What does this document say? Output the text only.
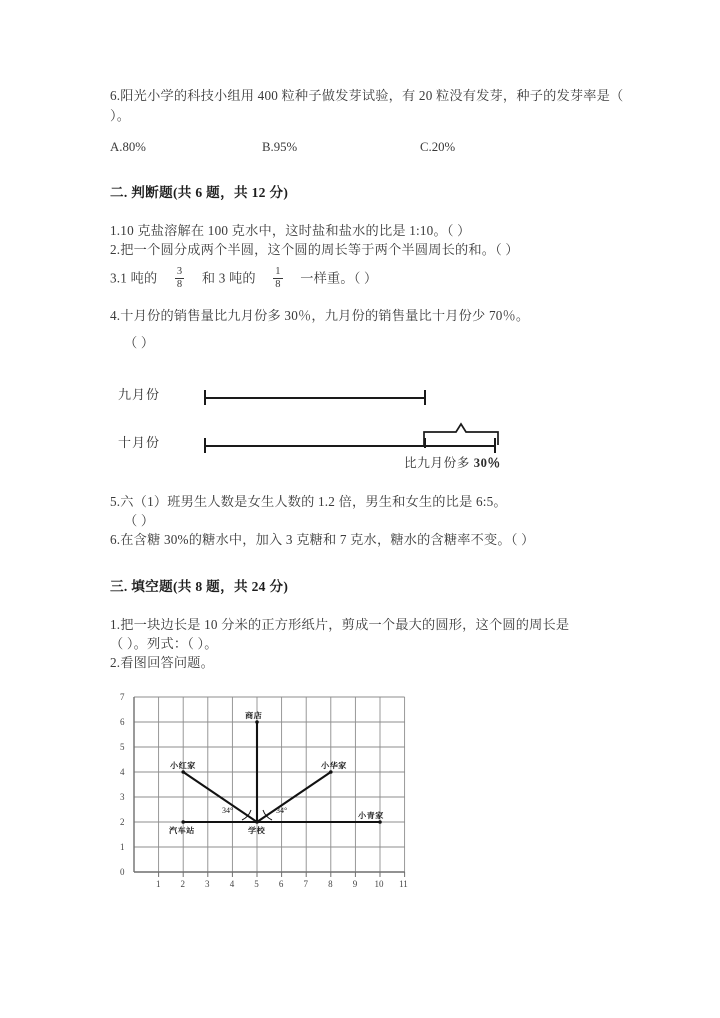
6.阳光小学的科技小组用 400 粒种子做发芽试验，有 20 粒没有发芽，种子的发芽率是（ ）。
A.80%	B.95%	C.20%
二. 判断题(共 6 题，共 12 分)
1.10 克盐溶解在 100 克水中，这时盐和盐水的比是 1:10。（ ）
2.把一个圆分成两个半圆，这个圆的周长等于两个半圆周长的和。（ ）
3.1 吨的 $\frac{3}{8}$ 和 3 吨的 $\frac{1}{8}$ 一样重。（ ）
4.十月份的销售量比九月份多 30％，九月份的销售量比十月份少 70％。
（ ）
九月份
十月份
比九月份多 30％
5.六（1）班男生人数是女生人数的 1.2 倍，男生和女生的比是 6:5。
（ ）
6.在含糖 30%的糖水中，加入 3 克糖和 7 克水，糖水的含糖率不变。（ ）
三. 填空题(共 8 题，共 24 分)
1.把一块边长是 10 分米的正方形纸片，剪成一个最大的圆形，这个圆的周长是
（ ）。列式：（ ）。
2.看图回答问题。
7
6
5
4
3
2
1
0
1 2 3 4 5 6 7 8 9 10 11
商店
小红家	小华家
汽车站	学校
小青家
34°	34°
